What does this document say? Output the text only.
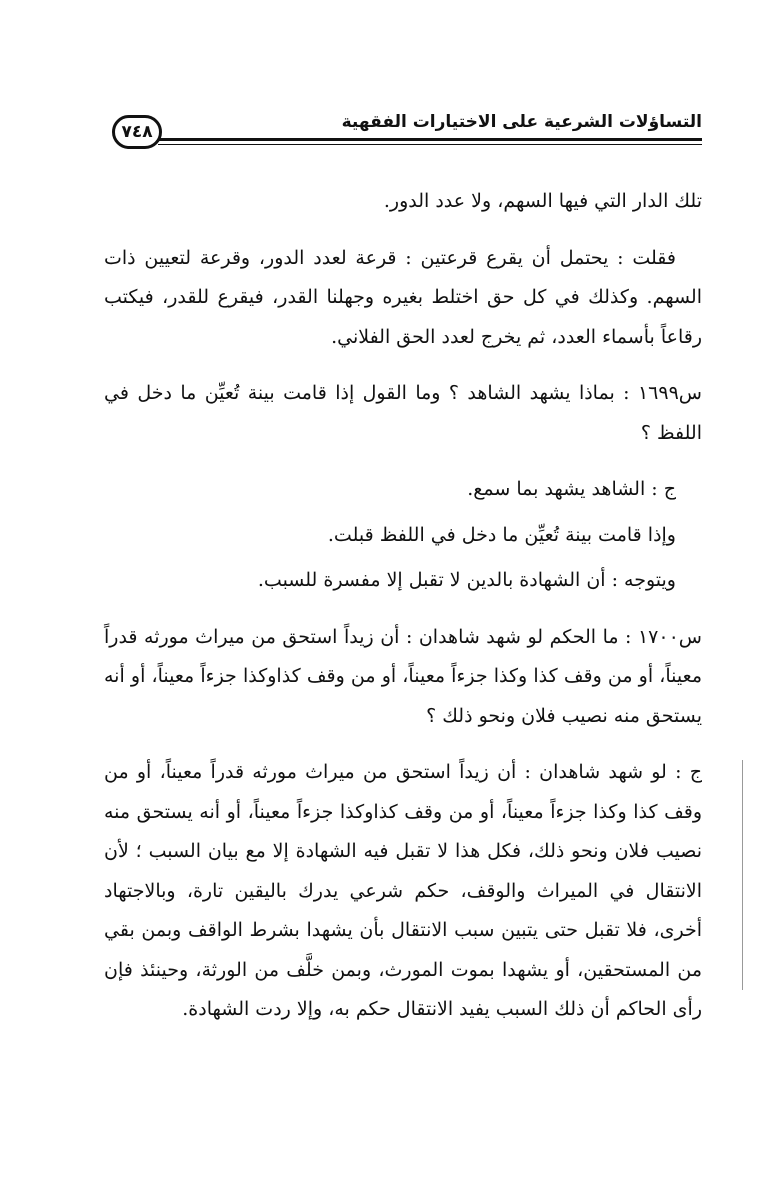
التساؤلات الشرعية على الاختيارات الفقهية
٧٤٨

تلك الدار التي فيها السهم، ولا عدد الدور.

فقلت : يحتمل أن يقرع قرعتين : قرعة لعدد الدور، وقرعة لتعيين ذات السهم. وكذلك في كل حق اختلط بغيره وجهلنا القدر، فيقرع للقدر، فيكتب رقاعاً بأسماء العدد، ثم يخرج لعدد الحق الفلاني.

س١٦٩٩ : بماذا يشهد الشاهد ؟ وما القول إذا قامت بينة تُعيِّن ما دخل في اللفظ ؟

ج : الشاهد يشهد بما سمع.

وإذا قامت بينة تُعيِّن ما دخل في اللفظ قبلت.

ويتوجه : أن الشهادة بالدين لا تقبل إلا مفسرة للسبب.

س١٧٠٠ : ما الحكم لو شهد شاهدان : أن زيداً استحق من ميراث مورثه قدراً معيناً، أو من وقف كذا وكذا جزءاً معيناً، أو من وقف كذاوكذا جزءاً معيناً، أو أنه يستحق منه نصيب فلان ونحو ذلك ؟

ج : لو شهد شاهدان : أن زيداً استحق من ميراث مورثه قدراً معيناً، أو من وقف كذا وكذا جزءاً معيناً، أو من وقف كذاوكذا جزءاً معيناً، أو أنه يستحق منه نصيب فلان ونحو ذلك، فكل هذا لا تقبل فيه الشهادة إلا مع بيان السبب ؛ لأن الانتقال في الميراث والوقف، حكم شرعي يدرك باليقين تارة، وبالاجتهاد أخرى، فلا تقبل حتى يتبين سبب الانتقال بأن يشهدا بشرط الواقف وبمن بقي من المستحقين، أو يشهدا بموت المورث، وبمن خلَّف من الورثة، وحينئذ فإن رأى الحاكم أن ذلك السبب يفيد الانتقال حكم به، وإلا ردت الشهادة.
